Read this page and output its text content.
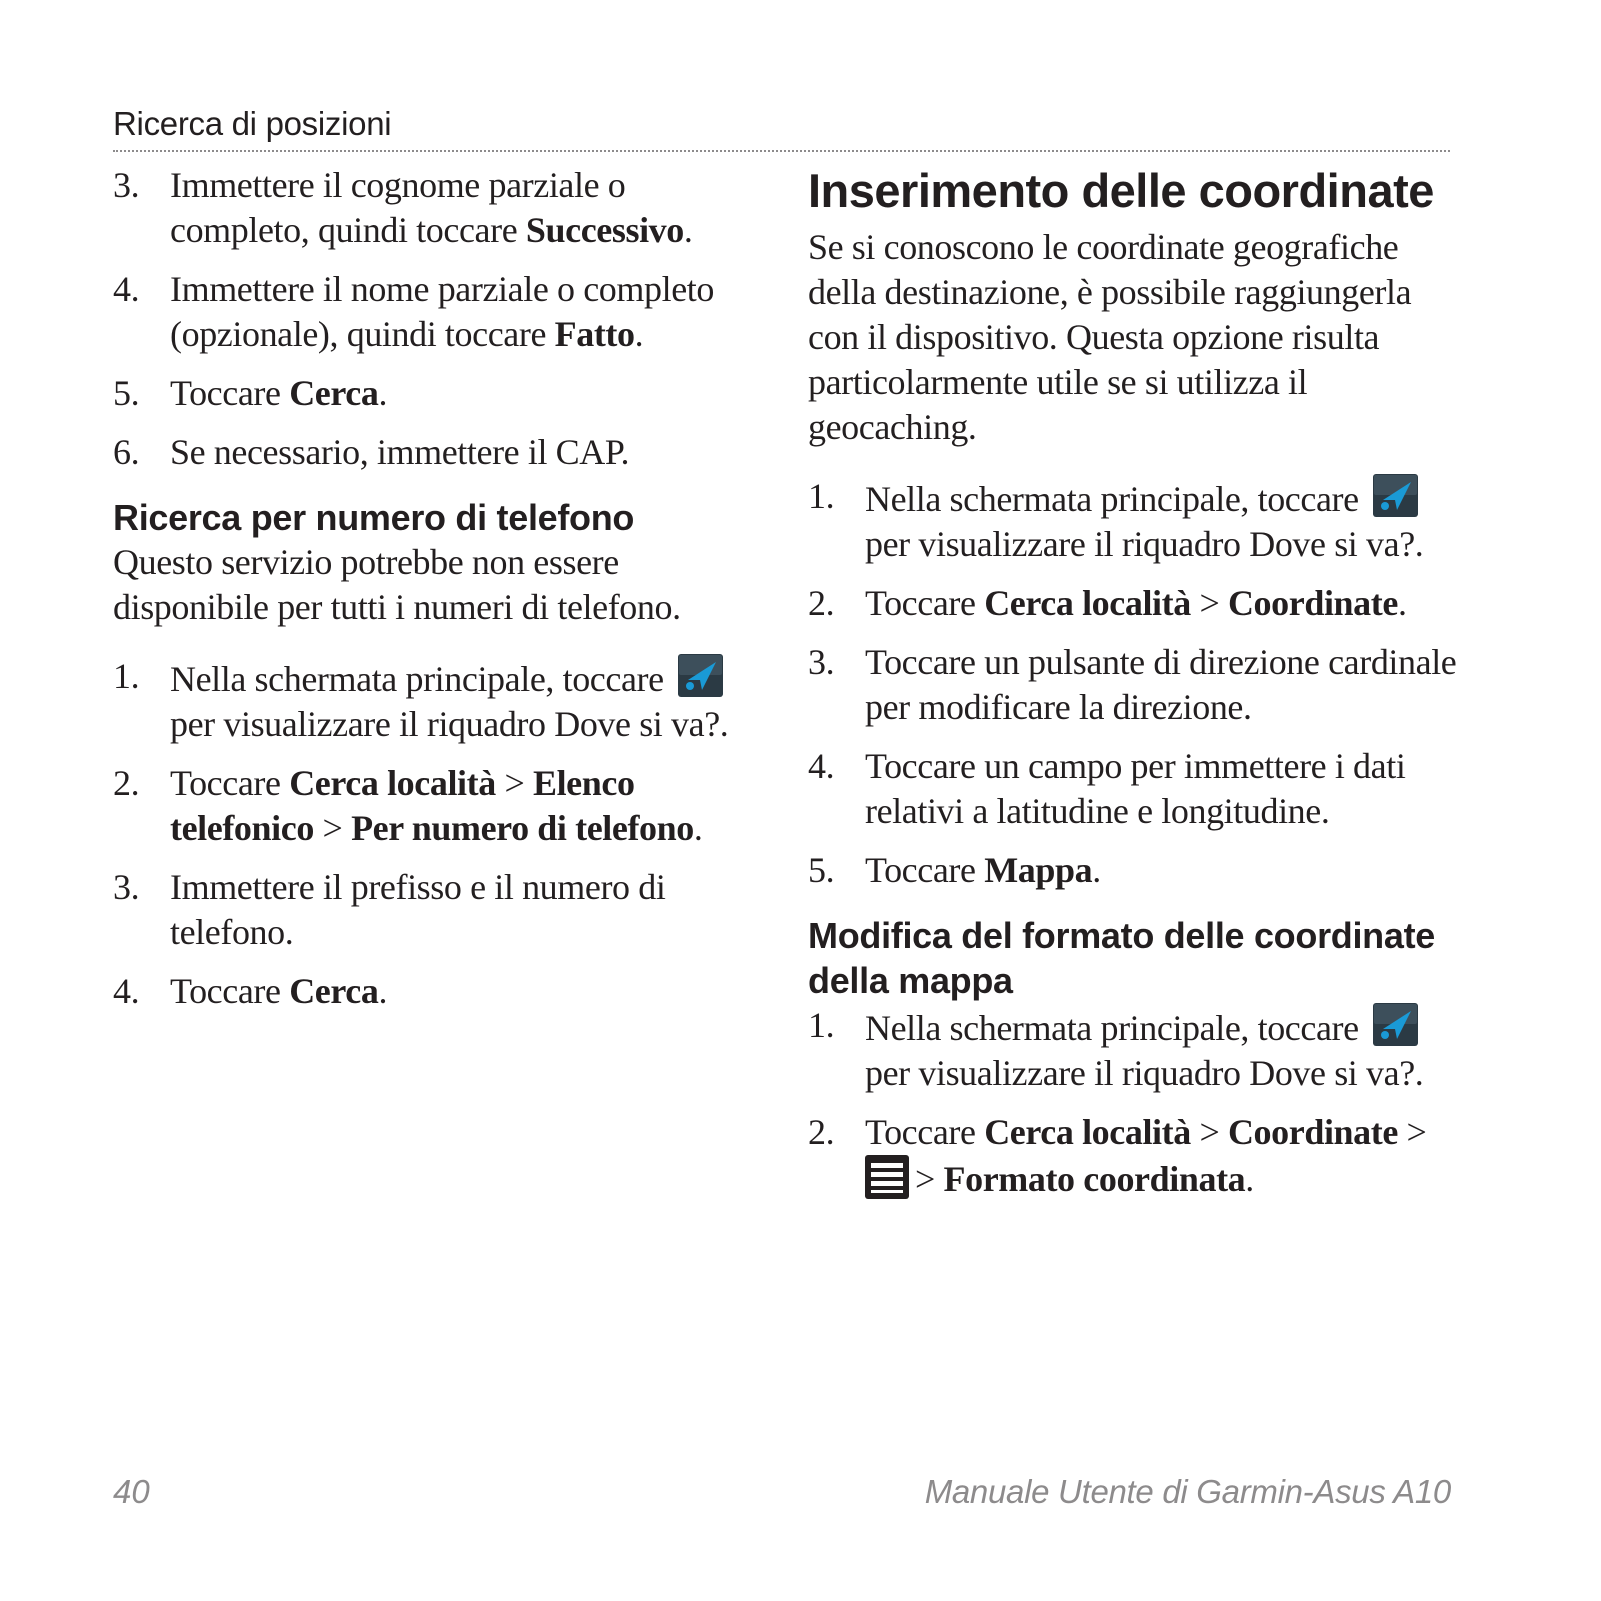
Ricerca di posizioni
3. Immettere il cognome parziale o completo, quindi toccare Successivo.
4. Immettere il nome parziale o completo (opzionale), quindi toccare Fatto.
5. Toccare Cerca.
6. Se necessario, immettere il CAP.
Ricerca per numero di telefono

Questo servizio potrebbe non essere disponibile per tutti i numeri di telefono.

1. Nella schermata principale, toccare  per visualizzare il riquadro Dove si va?.
2. Toccare Cerca località > Elenco telefonico > Per numero di telefono.
3. Immettere il prefisso e il numero di telefono.
4. Toccare Cerca.
Inserimento delle coordinate

Se si conoscono le coordinate geografiche della destinazione, è possibile raggiungerla con il dispositivo. Questa opzione risulta particolarmente utile se si utilizza il geocaching.

1. Nella schermata principale, toccare  per visualizzare il riquadro Dove si va?.
2. Toccare Cerca località > Coordinate.
3. Toccare un pulsante di direzione cardinale per modificare la direzione.
4. Toccare un campo per immettere i dati relativi a latitudine e longitudine.
5. Toccare Mappa.
Modifica del formato delle coordinate della mappa
1. Nella schermata principale, toccare  per visualizzare il riquadro Dove si va?.
2. Toccare Cerca località > Coordinate >
> Formato coordinata.
40	Manuale Utente di Garmin-Asus A10
